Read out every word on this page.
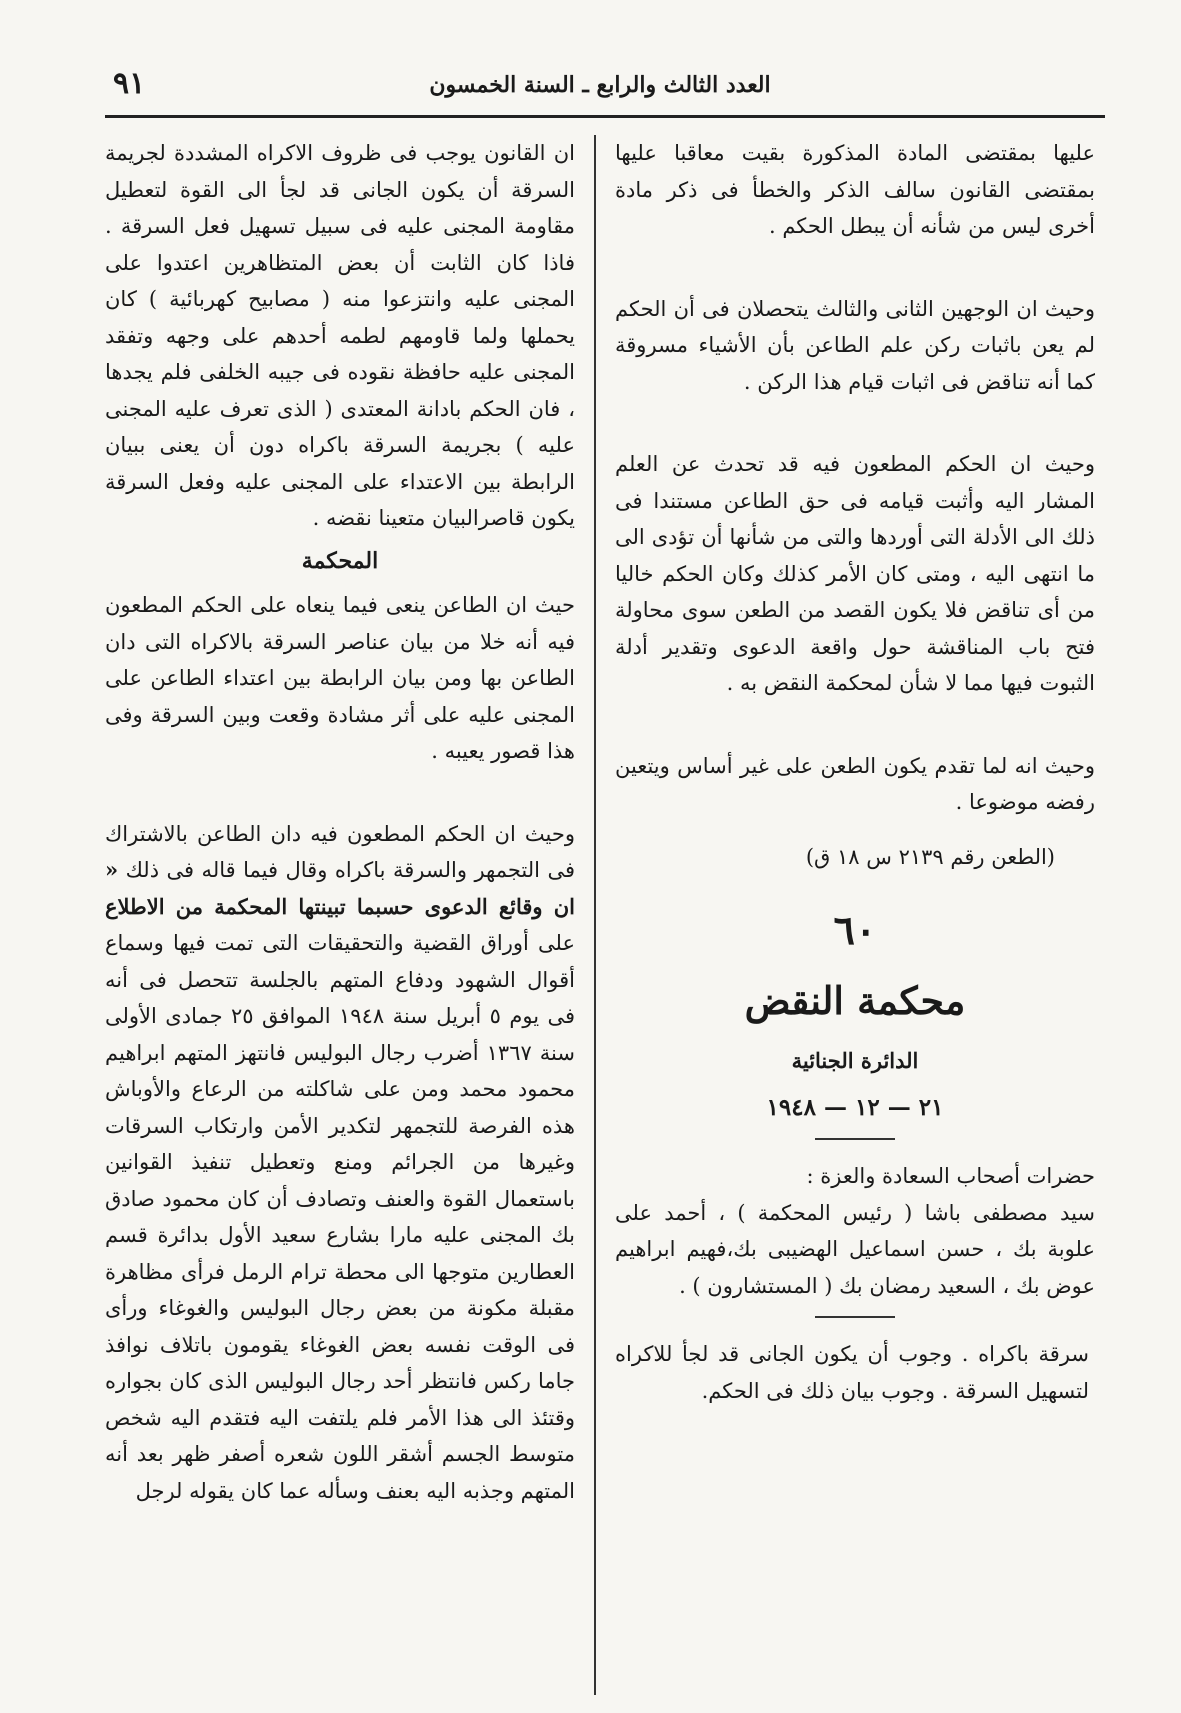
العدد الثالث والرابع ـ السنة الخمسون
٩١

عليها بمقتضى المادة المذكورة بقيت معاقبا عليها بمقتضى القانون سالف الذكر والخطأ فى ذكر مادة أخرى ليس من شأنه أن يبطل الحكم .

وحيث ان الوجهين الثانى والثالث يتحصلان فى أن الحكم لم يعن باثبات ركن علم الطاعن بأن الأشياء مسروقة كما أنه تناقض فى اثبات قيام هذا الركن .

وحيث ان الحكم المطعون فيه قد تحدث عن العلم المشار اليه وأثبت قيامه فى حق الطاعن مستندا فى ذلك الى الأدلة التى أوردها والتى من شأنها أن تؤدى الى ما انتهى اليه ، ومتى كان الأمر كذلك وكان الحكم خاليا من أى تناقض فلا يكون القصد من الطعن سوى محاولة فتح باب المناقشة حول واقعة الدعوى وتقدير أدلة الثبوت فيها مما لا شأن لمحكمة النقض به .

وحيث انه لما تقدم يكون الطعن على غير أساس ويتعين رفضه موضوعا .

(الطعن رقم ٢١٣٩ س ١٨ ق)

٦٠
محكمة النقض
الدائرة الجنائية
٢١ — ١٢ — ١٩٤٨

حضرات أصحاب السعادة والعزة :

سيد مصطفى باشا ( رئيس المحكمة ) ، أحمد على علوبة بك ، حسن اسماعيل الهضيبى بك،فهيم ابراهيم عوض بك ، السعيد رمضان بك ( المستشارون ) .

سرقة باكراه . وجوب أن يكون الجانى قد لجأ للاكراه لتسهيل السرقة . وجوب بيان ذلك فى الحكم.

ان القانون يوجب فى ظروف الاكراه المشددة لجريمة السرقة أن يكون الجانى قد لجأ الى القوة لتعطيل مقاومة المجنى عليه فى سبيل تسهيل فعل السرقة . فاذا كان الثابت أن بعض المتظاهرين اعتدوا على المجنى عليه وانتزعوا منه ( مصابيح كهربائية ) كان يحملها ولما قاومهم لطمه أحدهم على وجهه وتفقد المجنى عليه حافظة نقوده فى جيبه الخلفى فلم يجدها ، فان الحكم بادانة المعتدى ( الذى تعرف عليه المجنى عليه ) بجريمة السرقة باكراه دون أن يعنى ببيان الرابطة بين الاعتداء على المجنى عليه وفعل السرقة يكون قاصرالبيان متعينا نقضه .

المحكمة

حيث ان الطاعن ينعى فيما ينعاه على الحكم المطعون فيه أنه خلا من بيان عناصر السرقة بالاكراه التى دان الطاعن بها ومن بيان الرابطة بين اعتداء الطاعن على المجنى عليه على أثر مشادة وقعت وبين السرقة وفى هذا قصور يعيبه .

وحيث ان الحكم المطعون فيه دان الطاعن بالاشتراك فى التجمهر والسرقة باكراه وقال فيما قاله فى ذلك « ان وقائع الدعوى حسبما تبينتها المحكمة من الاطلاع على أوراق القضية والتحقيقات التى تمت فيها وسماع أقوال الشهود ودفاع المتهم بالجلسة تتحصل فى أنه فى يوم ٥ أبريل سنة ١٩٤٨ الموافق ٢٥ جمادى الأولى سنة ١٣٦٧ أضرب رجال البوليس فانتهز المتهم ابراهيم محمود محمد ومن على شاكلته من الرعاع والأوباش هذه الفرصة للتجمهر لتكدير الأمن وارتكاب السرقات وغيرها من الجرائم ومنع وتعطيل تنفيذ القوانين باستعمال القوة والعنف وتصادف أن كان محمود صادق بك المجنى عليه مارا بشارع سعيد الأول بدائرة قسم العطارين متوجها الى محطة ترام الرمل فرأى مظاهرة مقبلة مكونة من بعض رجال البوليس والغوغاء ورأى فى الوقت نفسه بعض الغوغاء يقومون باتلاف نوافذ جاما ركس فانتظر أحد رجال البوليس الذى كان بجواره وقتئذ الى هذا الأمر فلم يلتفت اليه فتقدم اليه شخص متوسط الجسم أشقر اللون شعره أصفر ظهر بعد أنه المتهم وجذبه اليه بعنف وسأله عما كان يقوله لرجل
